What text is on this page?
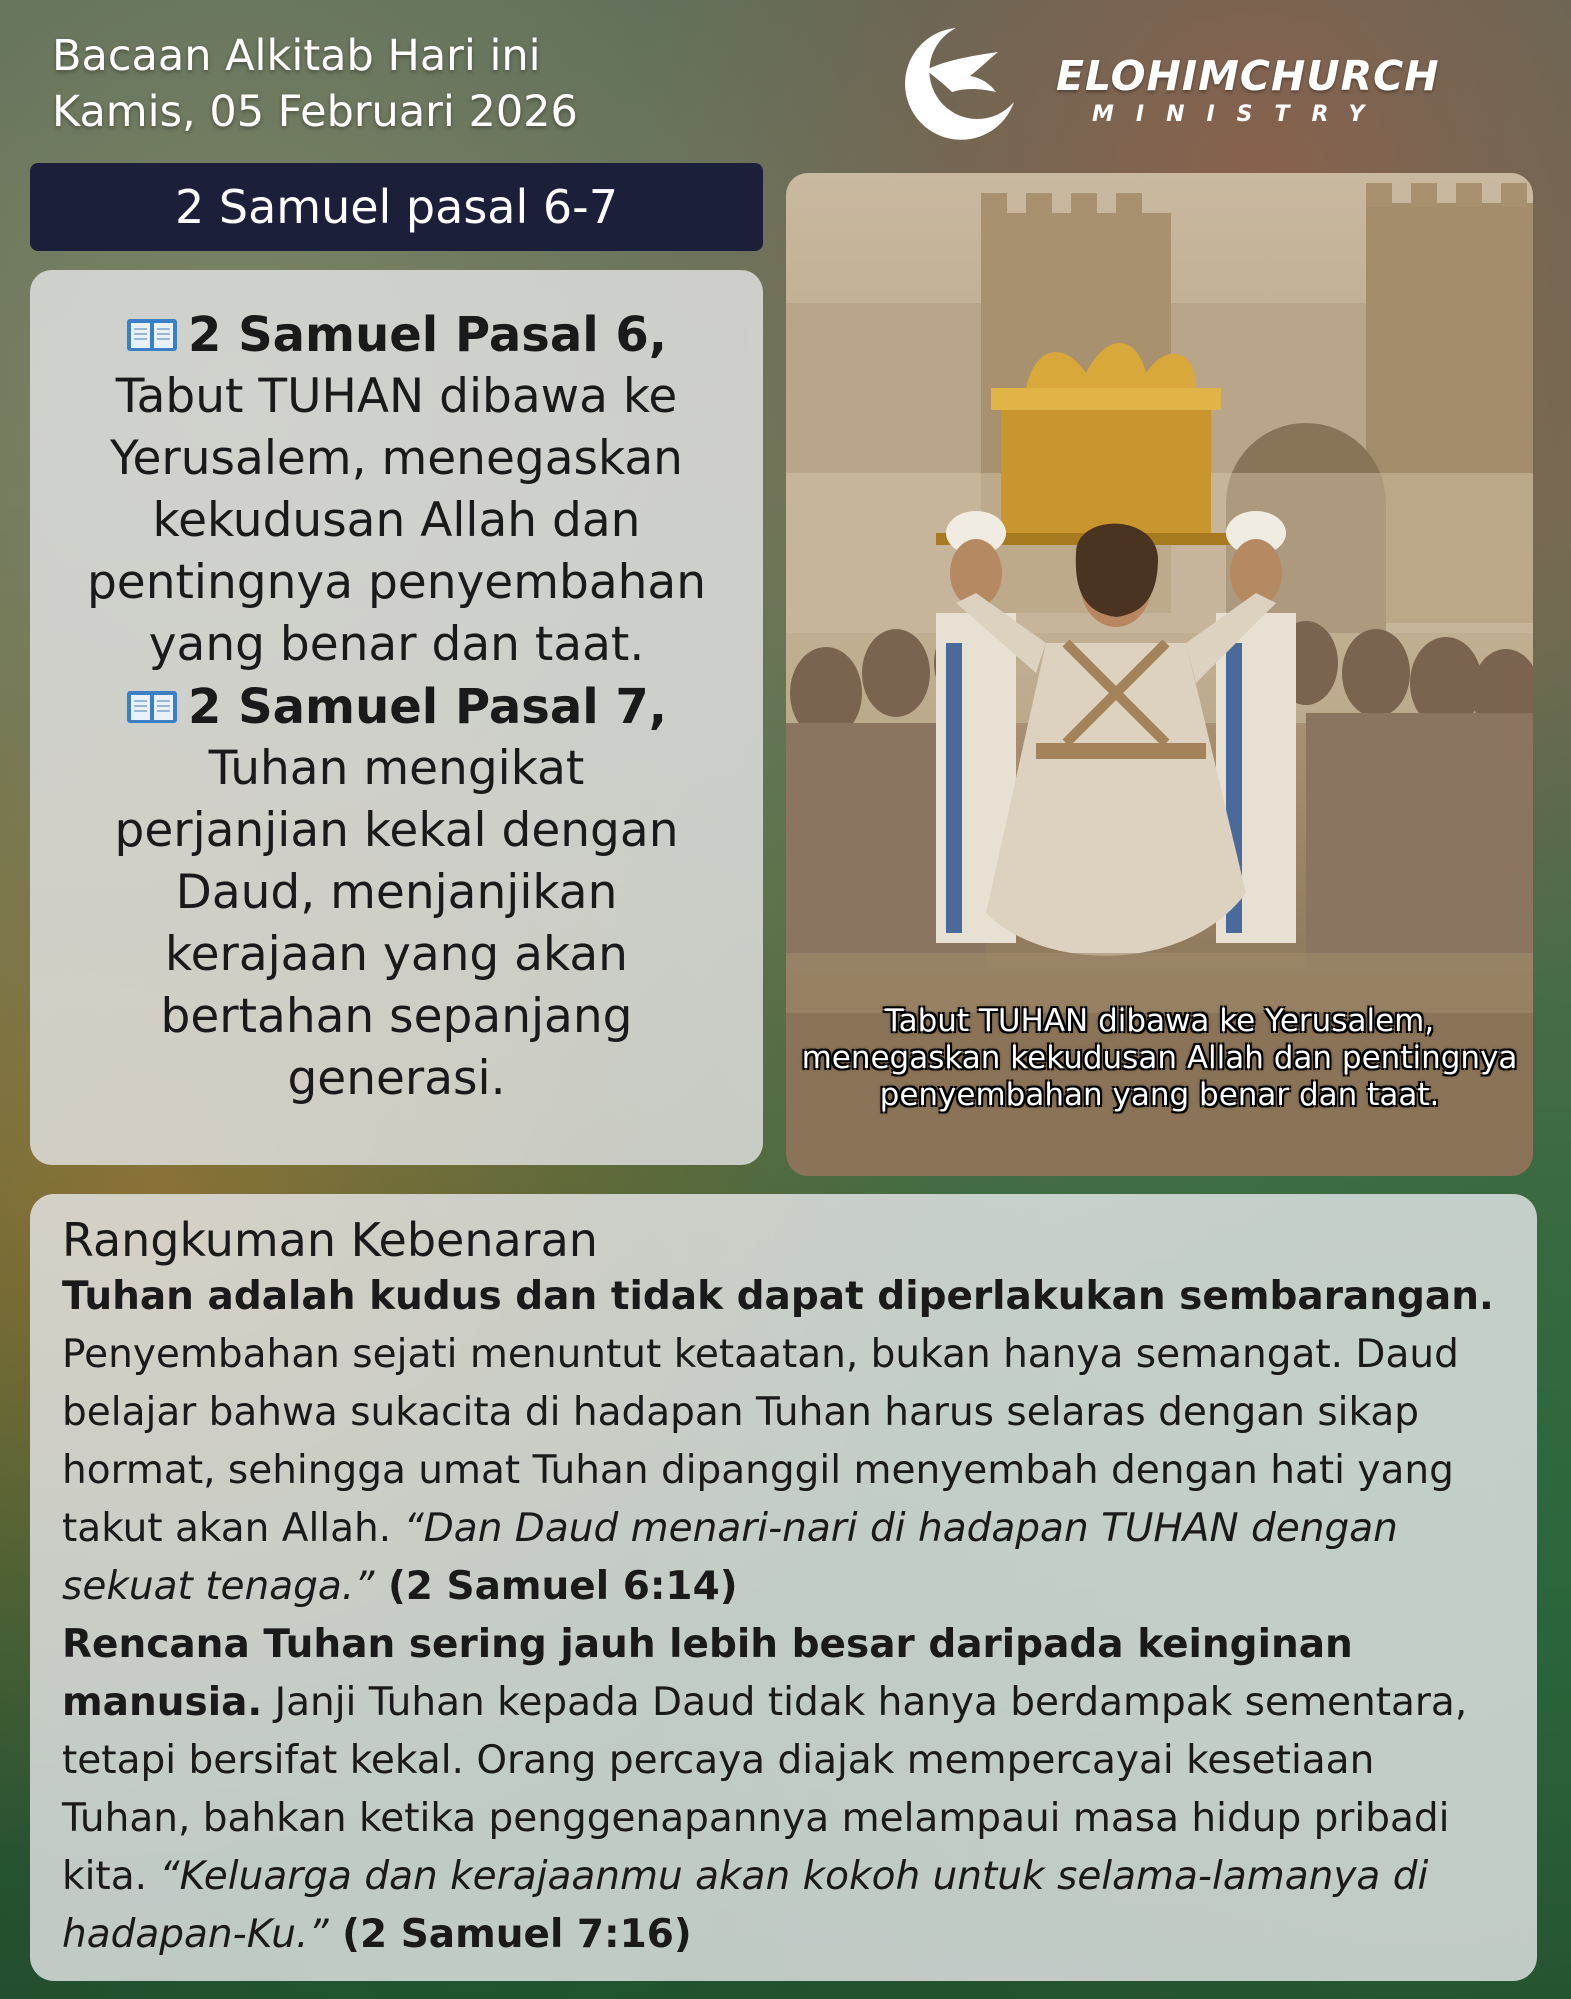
Bacaan Alkitab Hari ini
Kamis, 05 Februari 2026
ELOHIMCHURCH
MINISTRY
2 Samuel pasal 6-7
2 Samuel Pasal 6,
Tabut TUHAN dibawa ke Yerusalem, menegaskan kekudusan Allah dan pentingnya penyembahan yang benar dan taat.
2 Samuel Pasal 7,
Tuhan mengikat perjanjian kekal dengan Daud, menjanjikan kerajaan yang akan bertahan sepanjang generasi.
Tabut TUHAN dibawa ke Yerusalem, menegaskan kekudusan Allah dan pentingnya penyembahan yang benar dan taat.
Rangkuman Kebenaran

Tuhan adalah kudus dan tidak dapat diperlakukan sembarangan. Penyembahan sejati menuntut ketaatan, bukan hanya semangat. Daud belajar bahwa sukacita di hadapan Tuhan harus selaras dengan sikap hormat, sehingga umat Tuhan dipanggil menyembah dengan hati yang takut akan Allah. “Dan Daud menari-nari di hadapan TUHAN dengan sekuat tenaga.” (2 Samuel 6:14)

Rencana Tuhan sering jauh lebih besar daripada keinginan manusia. Janji Tuhan kepada Daud tidak hanya berdampak sementara, tetapi bersifat kekal. Orang percaya diajak mempercayai kesetiaan Tuhan, bahkan ketika penggenapannya melampaui masa hidup pribadi kita. “Keluarga dan kerajaanmu akan kokoh untuk selama-lamanya di hadapan-Ku.” (2 Samuel 7:16)
